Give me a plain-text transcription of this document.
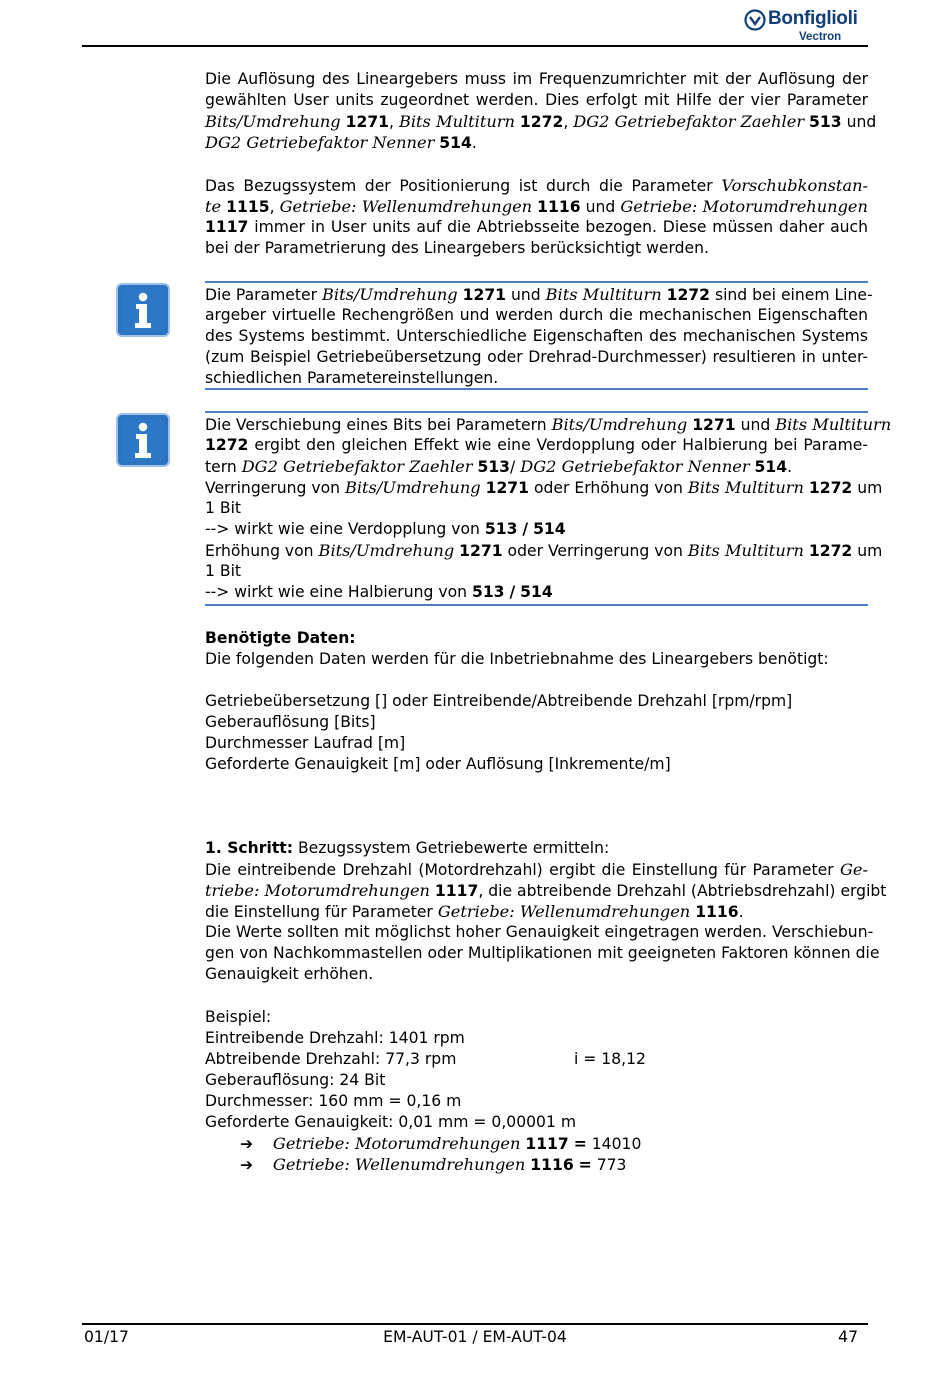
Bonfiglioli
Vectron
Die Auflösung des Lineargebers muss im Frequenzumrichter mit der Auflösung der
gewählten User units zugeordnet werden. Dies erfolgt mit Hilfe der vier Parameter
Bits/Umdrehung 1271, Bits Multiturn 1272, DG2 Getriebefaktor Zaehler 513 und
DG2 Getriebefaktor Nenner 514.
Das Bezugssystem der Positionierung ist durch die Parameter Vorschubkonstan-
te 1115, Getriebe: Wellenumdrehungen 1116 und Getriebe: Motorumdrehungen
1117 immer in User units auf die Abtriebsseite bezogen. Diese müssen daher auch
bei der Parametrierung des Lineargebers berücksichtigt werden.
Die Parameter Bits/Umdrehung 1271 und Bits Multiturn 1272 sind bei einem Line-
argeber virtuelle Rechengrößen und werden durch die mechanischen Eigenschaften
des Systems bestimmt. Unterschiedliche Eigenschaften des mechanischen Systems
(zum Beispiel Getriebeübersetzung oder Drehrad-Durchmesser) resultieren in unter-
schiedlichen Parametereinstellungen.
Die Verschiebung eines Bits bei Parametern Bits/Umdrehung 1271 und Bits Multiturn
1272 ergibt den gleichen Effekt wie eine Verdopplung oder Halbierung bei Parame-
tern DG2 Getriebefaktor Zaehler 513/ DG2 Getriebefaktor Nenner 514.
Verringerung von Bits/Umdrehung 1271 oder Erhöhung von Bits Multiturn 1272 um
1 Bit
--> wirkt wie eine Verdopplung von 513 / 514
Erhöhung von Bits/Umdrehung 1271 oder Verringerung von Bits Multiturn 1272 um
1 Bit
--> wirkt wie eine Halbierung von 513 / 514
Benötigte Daten:
Die folgenden Daten werden für die Inbetriebnahme des Lineargebers benötigt:
Getriebeübersetzung [] oder Eintreibende/Abtreibende Drehzahl [rpm/rpm]
Geberauflösung [Bits]
Durchmesser Laufrad [m]
Geforderte Genauigkeit [m] oder Auflösung [Inkremente/m]
1. Schritt: Bezugssystem Getriebewerte ermitteln:
Die eintreibende Drehzahl (Motordrehzahl) ergibt die Einstellung für Parameter Ge-
triebe: Motorumdrehungen 1117, die abtreibende Drehzahl (Abtriebsdrehzahl) ergibt
die Einstellung für Parameter Getriebe: Wellenumdrehungen 1116.
Die Werte sollten mit möglichst hoher Genauigkeit eingetragen werden. Verschiebun-
gen von Nachkommastellen oder Multiplikationen mit geeigneten Faktoren können die
Genauigkeit erhöhen.
Beispiel:
Eintreibende Drehzahl: 1401 rpm
Abtreibende Drehzahl: 77,3 rpm	i = 18,12
Geberauflösung: 24 Bit
Durchmesser: 160 mm = 0,16 m
Geforderte Genauigkeit: 0,01 mm = 0,00001 m
➔ Getriebe: Motorumdrehungen 1117 = 14010
➔ Getriebe: Wellenumdrehungen 1116 = 773
01/17	EM-AUT-01 / EM-AUT-04	47
